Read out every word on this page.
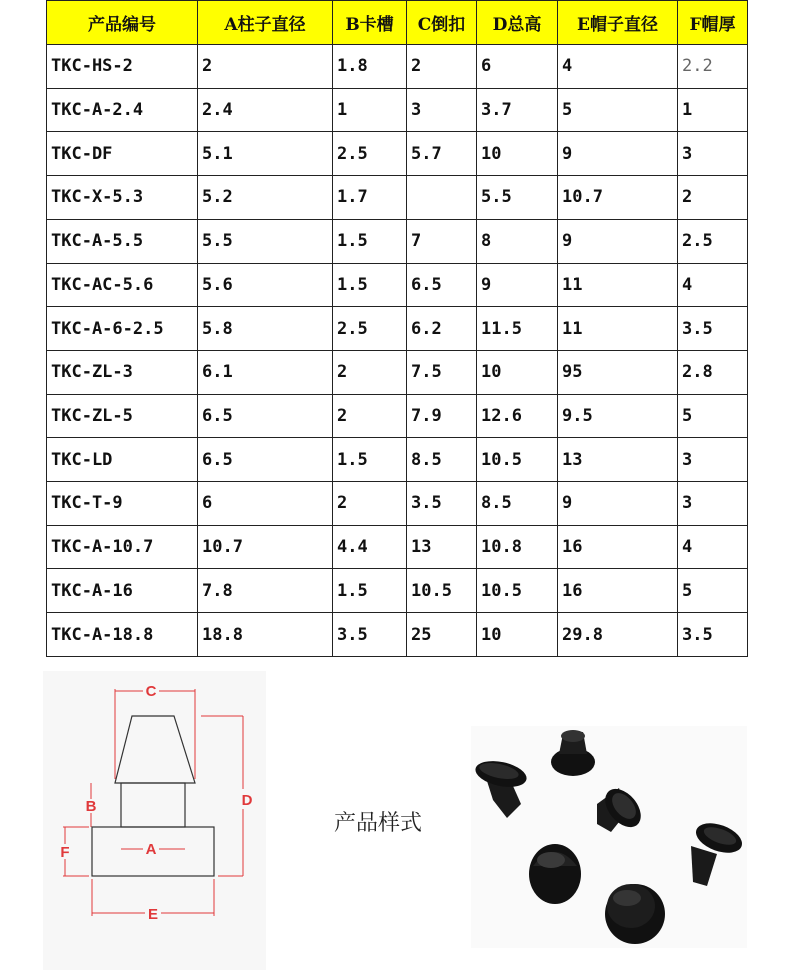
产品编号	A柱子直径	B卡槽	C倒扣	D总高	E帽子直径	F帽厚
TKC-HS-2	2	1.8	2	6	4	2.2
TKC-A-2.4	2.4	1	3	3.7	5	1
TKC-DF	5.1	2.5	5.7	10	9	3
TKC-X-5.3	5.2	1.7		5.5	10.7	2
TKC-A-5.5	5.5	1.5	7	8	9	2.5
TKC-AC-5.6	5.6	1.5	6.5	9	11	4
TKC-A-6-2.5	5.8	2.5	6.2	11.5	11	3.5
TKC-ZL-3	6.1	2	7.5	10	95	2.8
TKC-ZL-5	6.5	2	7.9	12.6	9.5	5
TKC-LD	6.5	1.5	8.5	10.5	13	3
TKC-T-9	6	2	3.5	8.5	9	3
TKC-A-10.7	10.7	4.4	13	10.8	16	4
TKC-A-16	7.8	1.5	10.5	10.5	16	5
TKC-A-18.8	18.8	3.5	25	10	29.8	3.5
C
B	D
F	A
E
产品样式
